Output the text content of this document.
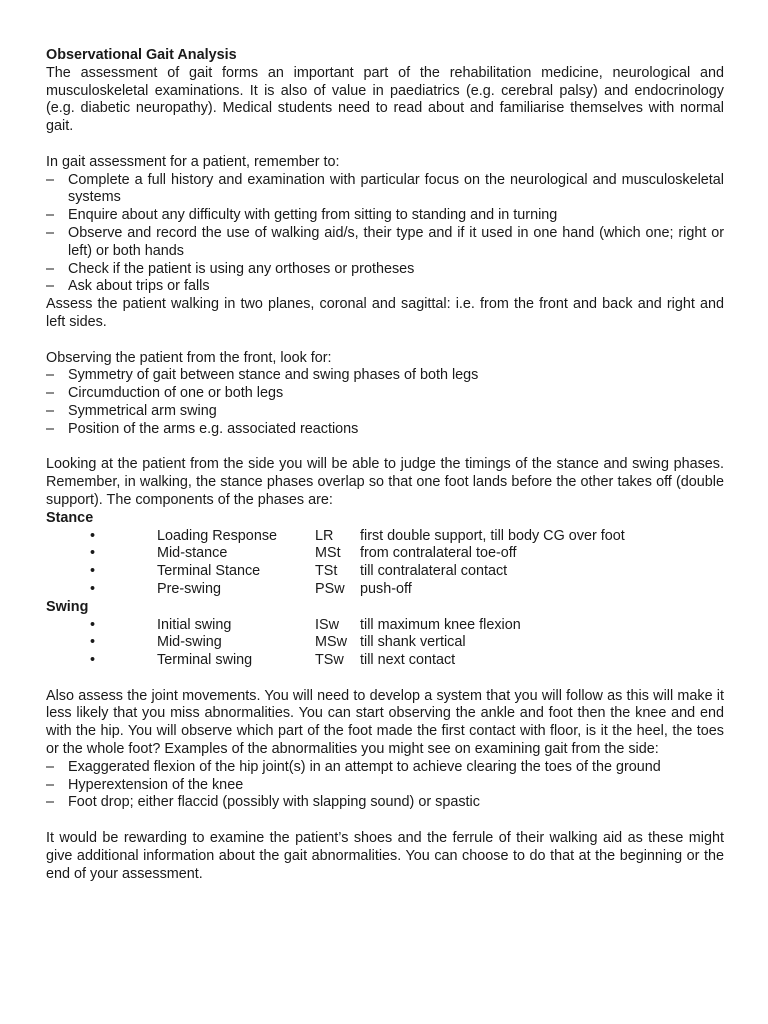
Observational Gait Analysis

The assessment of gait forms an important part of the rehabilitation medicine, neurological and musculoskeletal examinations. It is also of value in paediatrics (e.g. cerebral palsy) and endocrinology (e.g. diabetic neuropathy). Medical students need to read about and familiarise themselves with normal gait.

In gait assessment for a patient, remember to:

– Complete a full history and examination with particular focus on the neurological and musculoskeletal systems
– Enquire about any difficulty with getting from sitting to standing and in turning
– Observe and record the use of walking aid/s, their type and if it used in one hand (which one; right or left) or both hands
– Check if the patient is using any orthoses or protheses
– Ask about trips or falls

Assess the patient walking in two planes, coronal and sagittal: i.e. from the front and back and right and left sides.

Observing the patient from the front, look for:

– Symmetry of gait between stance and swing phases of both legs
– Circumduction of one or both legs
– Symmetrical arm swing
– Position of the arms e.g. associated reactions

Looking at the patient from the side you will be able to judge the timings of the stance and swing phases. Remember, in walking, the stance phases overlap so that one foot lands before the other takes off (double support). The components of the phases are:

Stance
•	Loading Response	LR	first double support, till body CG over foot
•	Mid-stance	MSt	from contralateral toe-off
•	Terminal Stance	TSt	till contralateral contact
•	Pre-swing	PSw	push-off
Swing
•	Initial swing	ISw	till maximum knee flexion
•	Mid-swing	MSw	till shank vertical
•	Terminal swing	TSw	till next contact

Also assess the joint movements. You will need to develop a system that you will follow as this will make it less likely that you miss abnormalities. You can start observing the ankle and foot then the knee and end with the hip. You will observe which part of the foot made the first contact with floor, is it the heel, the toes or the whole foot? Examples of the abnormalities you might see on examining gait from the side:

– Exaggerated flexion of the hip joint(s) in an attempt to achieve clearing the toes of the ground
– Hyperextension of the knee
– Foot drop; either flaccid (possibly with slapping sound) or spastic

It would be rewarding to examine the patient’s shoes and the ferrule of their walking aid as these might give additional information about the gait abnormalities. You can choose to do that at the beginning or the end of your assessment.
